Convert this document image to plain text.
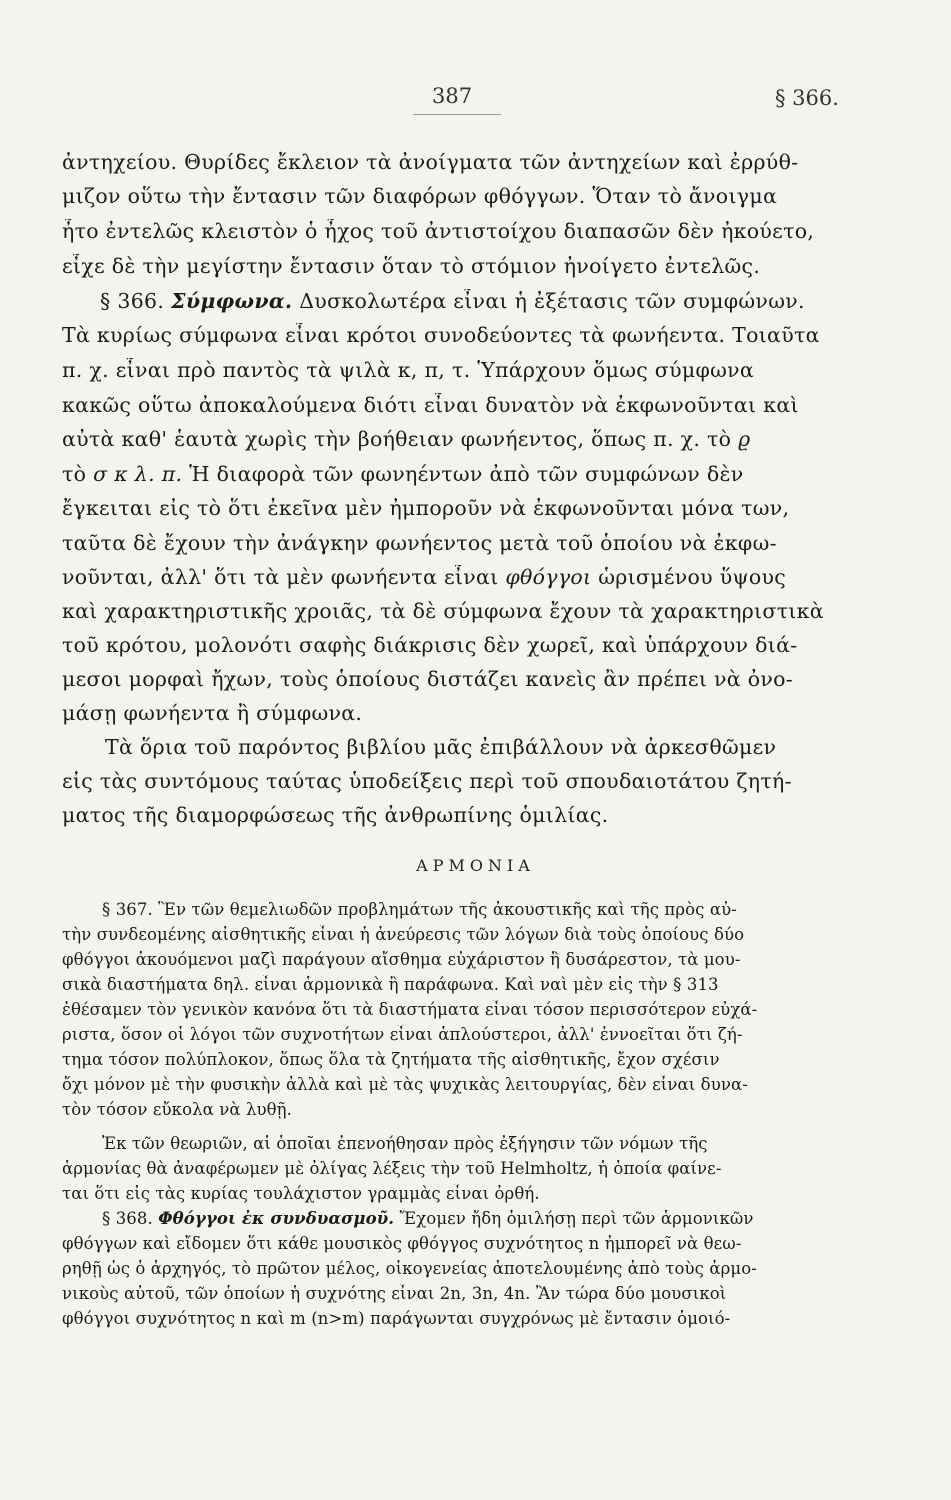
387	§ 366.
ἀντηχείου. Θυρίδες ἔκλειον τὰ ἀνοίγματα τῶν ἀντηχείων καὶ ἐρρύθ-
μιζον οὕτω τὴν ἔντασιν τῶν διαφόρων φθόγγων. Ὅταν τὸ ἄνοιγμα
ἦτο ἐντελῶς κλειστὸν ὁ ἦχος τοῦ ἀντιστοίχου διαπασῶν δὲν ἠκούετο,
εἶχε δὲ τὴν μεγίστην ἔντασιν ὅταν τὸ στόμιον ἠνοίγετο ἐντελῶς.
§ 366. Σύμφωνα. Δυσκολωτέρα εἶναι ἡ ἐξέτασις τῶν συμφώνων.
Τὰ κυρίως σύμφωνα εἶναι κρότοι συνοδεύοντες τὰ φωνήεντα. Τοιαῦτα
π. χ. εἶναι πρὸ παντὸς τὰ ψιλὰ κ, π, τ. Ὑπάρχουν ὅμως σύμφωνα
κακῶς οὕτω ἀποκαλούμενα διότι εἶναι δυνατὸν νὰ ἐκφωνοῦνται καὶ
αὐτὰ καθ' ἑαυτὰ χωρὶς τὴν βοήθειαν φωνήεντος, ὅπως π. χ. τὸ ϱ
τὸ σ κ λ. π. Ἡ διαφορὰ τῶν φωνηέντων ἀπὸ τῶν συμφώνων δὲν
ἔγκειται εἰς τὸ ὅτι ἐκεῖνα μὲν ἠμποροῦν νὰ ἐκφωνοῦνται μόνα των,
ταῦτα δὲ ἔχουν τὴν ἀνάγκην φωνήεντος μετὰ τοῦ ὁποίου νὰ ἐκφω-
νοῦνται, ἀλλ' ὅτι τὰ μὲν φωνήεντα εἶναι φθόγγοι ὡρισμένου ὕψους
καὶ χαρακτηριστικῆς χροιᾶς, τὰ δὲ σύμφωνα ἔχουν τὰ χαρακτηριστικὰ
τοῦ κρότου, μολονότι σαφὴς διάκρισις δὲν χωρεῖ, καὶ ὑπάρχουν διά-
μεσοι μορφαὶ ἤχων, τοὺς ὁποίους διστάζει κανεὶς ἂν πρέπει νὰ ὀνο-
μάσῃ φωνήεντα ἢ σύμφωνα.
Τὰ ὅρια τοῦ παρόντος βιβλίου μᾶς ἐπιβάλλουν νὰ ἀρκεσθῶμεν
εἰς τὰς συντόμους ταύτας ὑποδείξεις περὶ τοῦ σπουδαιοτάτου ζητή-
ματος τῆς διαμορφώσεως τῆς ἀνθρωπίνης ὁμιλίας.
ΑΡΜΟΝΙΑ
§ 367. Ἓν τῶν θεμελιωδῶν προβλημάτων τῆς ἀκουστικῆς καὶ τῆς πρὸς αὐ-
τὴν συνδεομένης αἰσθητικῆς εἶναι ἡ ἀνεύρεσις τῶν λόγων διὰ τοὺς ὁποίους δύο
φθόγγοι ἀκουόμενοι μαζὶ παράγουν αἴσθημα εὐχάριστον ἢ δυσάρεστον, τὰ μου-
σικὰ διαστήματα δηλ. εἶναι ἁρμονικὰ ἢ παράφωνα. Καὶ ναὶ μὲν εἰς τὴν § 313
ἐθέσαμεν τὸν γενικὸν κανόνα ὅτι τὰ διαστήματα εἶναι τόσον περισσότερον εὐχά-
ριστα, ὅσον οἱ λόγοι τῶν συχνοτήτων εἶναι ἁπλούστεροι, ἀλλ' ἐννοεῖται ὅτι ζή-
τημα τόσον πολύπλοκον, ὅπως ὅλα τὰ ζητήματα τῆς αἰσθητικῆς, ἔχον σχέσιν
ὄχι μόνον μὲ τὴν φυσικὴν ἀλλὰ καὶ μὲ τὰς ψυχικὰς λειτουργίας, δὲν εἶναι δυνα-
τὸν τόσον εὔκολα νὰ λυθῇ.
Ἐκ τῶν θεωριῶν, αἱ ὁποῖαι ἐπενοήθησαν πρὸς ἐξήγησιν τῶν νόμων τῆς
ἁρμονίας θὰ ἀναφέρωμεν μὲ ὀλίγας λέξεις τὴν τοῦ Helmholtz, ἡ ὁποία φαίνε-
ται ὅτι εἰς τὰς κυρίας τουλάχιστον γραμμὰς εἶναι ὀρθή.
§ 368. Φθόγγοι ἐκ συνδυασμοῦ. Ἔχομεν ἤδη ὁμιλήσῃ περὶ τῶν ἁρμονικῶν
φθόγγων καὶ εἴδομεν ὅτι κάθε μουσικὸς φθόγγος συχνότητος n ἠμπορεῖ νὰ θεω-
ρηθῇ ὡς ὁ ἀρχηγός, τὸ πρῶτον μέλος, οἰκογενείας ἀποτελουμένης ἀπὸ τοὺς ἁρμο-
νικοὺς αὐτοῦ, τῶν ὁποίων ἡ συχνότης εἶναι 2n, 3n, 4n. Ἂν τώρα δύο μουσικοὶ
φθόγγοι συχνότητος n καὶ m (n>m) παράγωνται συγχρόνως μὲ ἔντασιν ὁμοιό-
